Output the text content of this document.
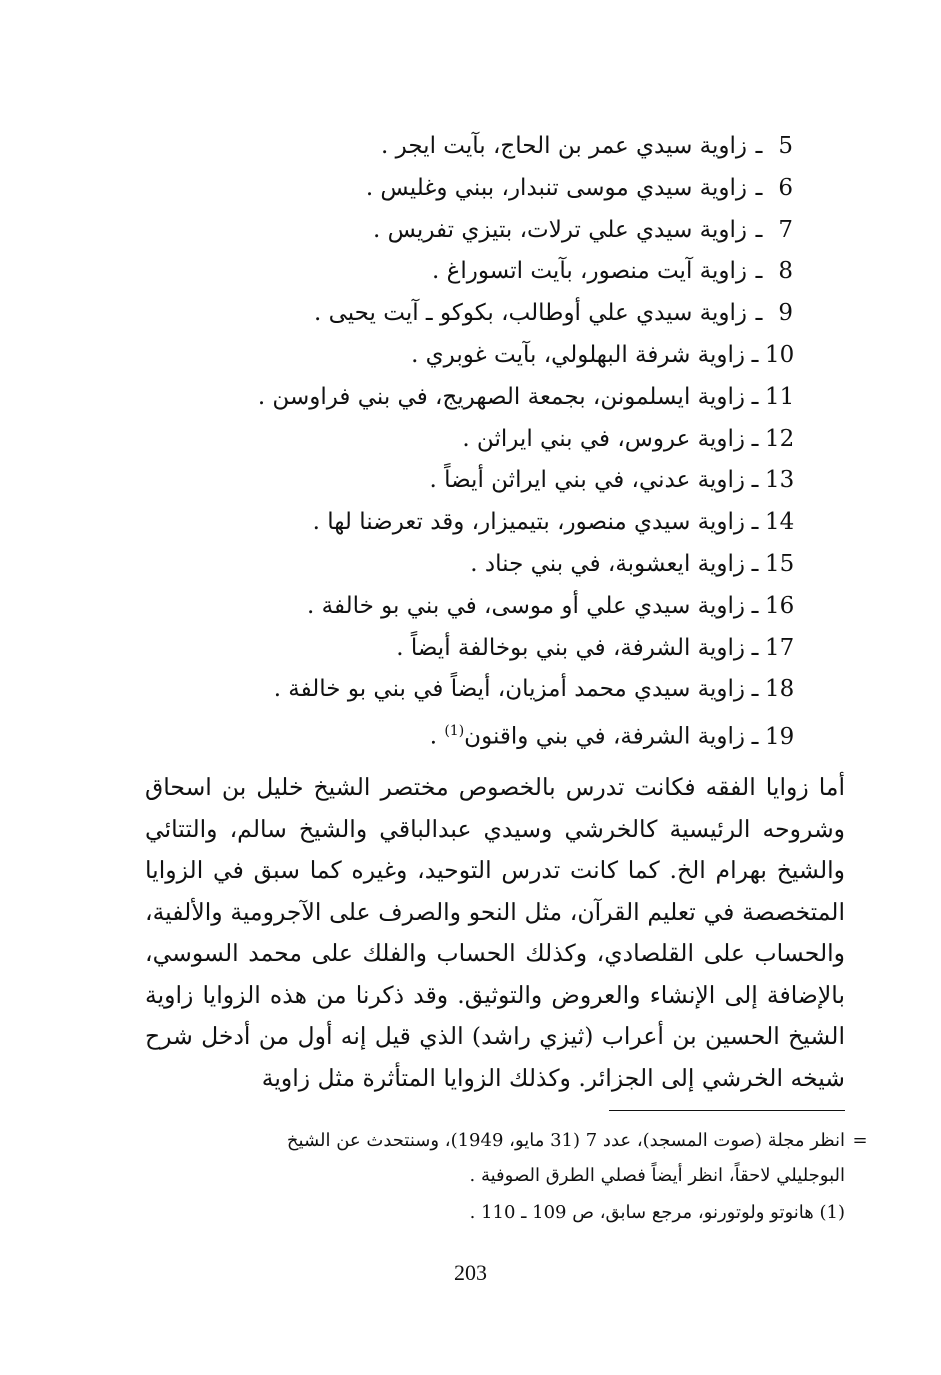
5
ـ
زاوية سيدي عمر بن الحاج، بآيت ايجر .
6
ـ
زاوية سيدي موسى تنبدار، ببني وغليس .
7
ـ
زاوية سيدي علي ترلات، بتيزي تفريس .
8
ـ
زاوية آيت منصور، بآيت اتسوراغ .
9
ـ
زاوية سيدي علي أوطالب، بكوكو ـ آيت يحيى .
10
ـ
زاوية شرفة البهلولي، بآيت غوبري .
11
ـ
زاوية ايسلمونن، بجمعة الصهريج، في بني فراوسن .
12
ـ
زاوية عروس، في بني ايراثن .
13
ـ
زاوية عدني، في بني ايراثن أيضاً .
14
ـ
زاوية سيدي منصور، بتيميزار، وقد تعرضنا لها .
15
ـ
زاوية ايعشوبة، في بني جناد .
16
ـ
زاوية سيدي علي أو موسى، في بني بو خالفة .
17
ـ
زاوية الشرفة، في بني بوخالفة أيضاً .
18
ـ
زاوية سيدي محمد أمزيان، أيضاً في بني بو خالفة .
19
ـ
زاوية الشرفة، في بني واقنون$^{(1)}$ .

أما زوايا الفقه فكانت تدرس بالخصوص مختصر الشيخ خليل بن اسحاق وشروحه الرئيسية كالخرشي وسيدي عبدالباقي والشيخ سالم، والتتائي والشيخ بهرام الخ. كما كانت تدرس التوحيد، وغيره كما سبق في الزوايا المتخصصة في تعليم القرآن، مثل النحو والصرف على الآجرومية والألفية، والحساب على القلصادي، وكذلك الحساب والفلك على محمد السوسي، بالإضافة إلى الإنشاء والعروض والتوثيق. وقد ذكرنا من هذه الزوايا زاوية الشيخ الحسين بن أعراب (ثيزي راشد) الذي قيل إنه أول من أدخل شرح شيخه الخرشي إلى الجزائر. وكذلك الزوايا المتأثرة مثل زاوية

=
انظر مجلة (صوت المسجد)، عدد 7 (31 مايو، 1949)، وسنتحدث عن الشيخ
البوجليلي لاحقاً، انظر أيضاً فصلي الطرق الصوفية .
(1) هانوتو ولوتورنو، مرجع سابق، ص 109 ـ 110 .
203
